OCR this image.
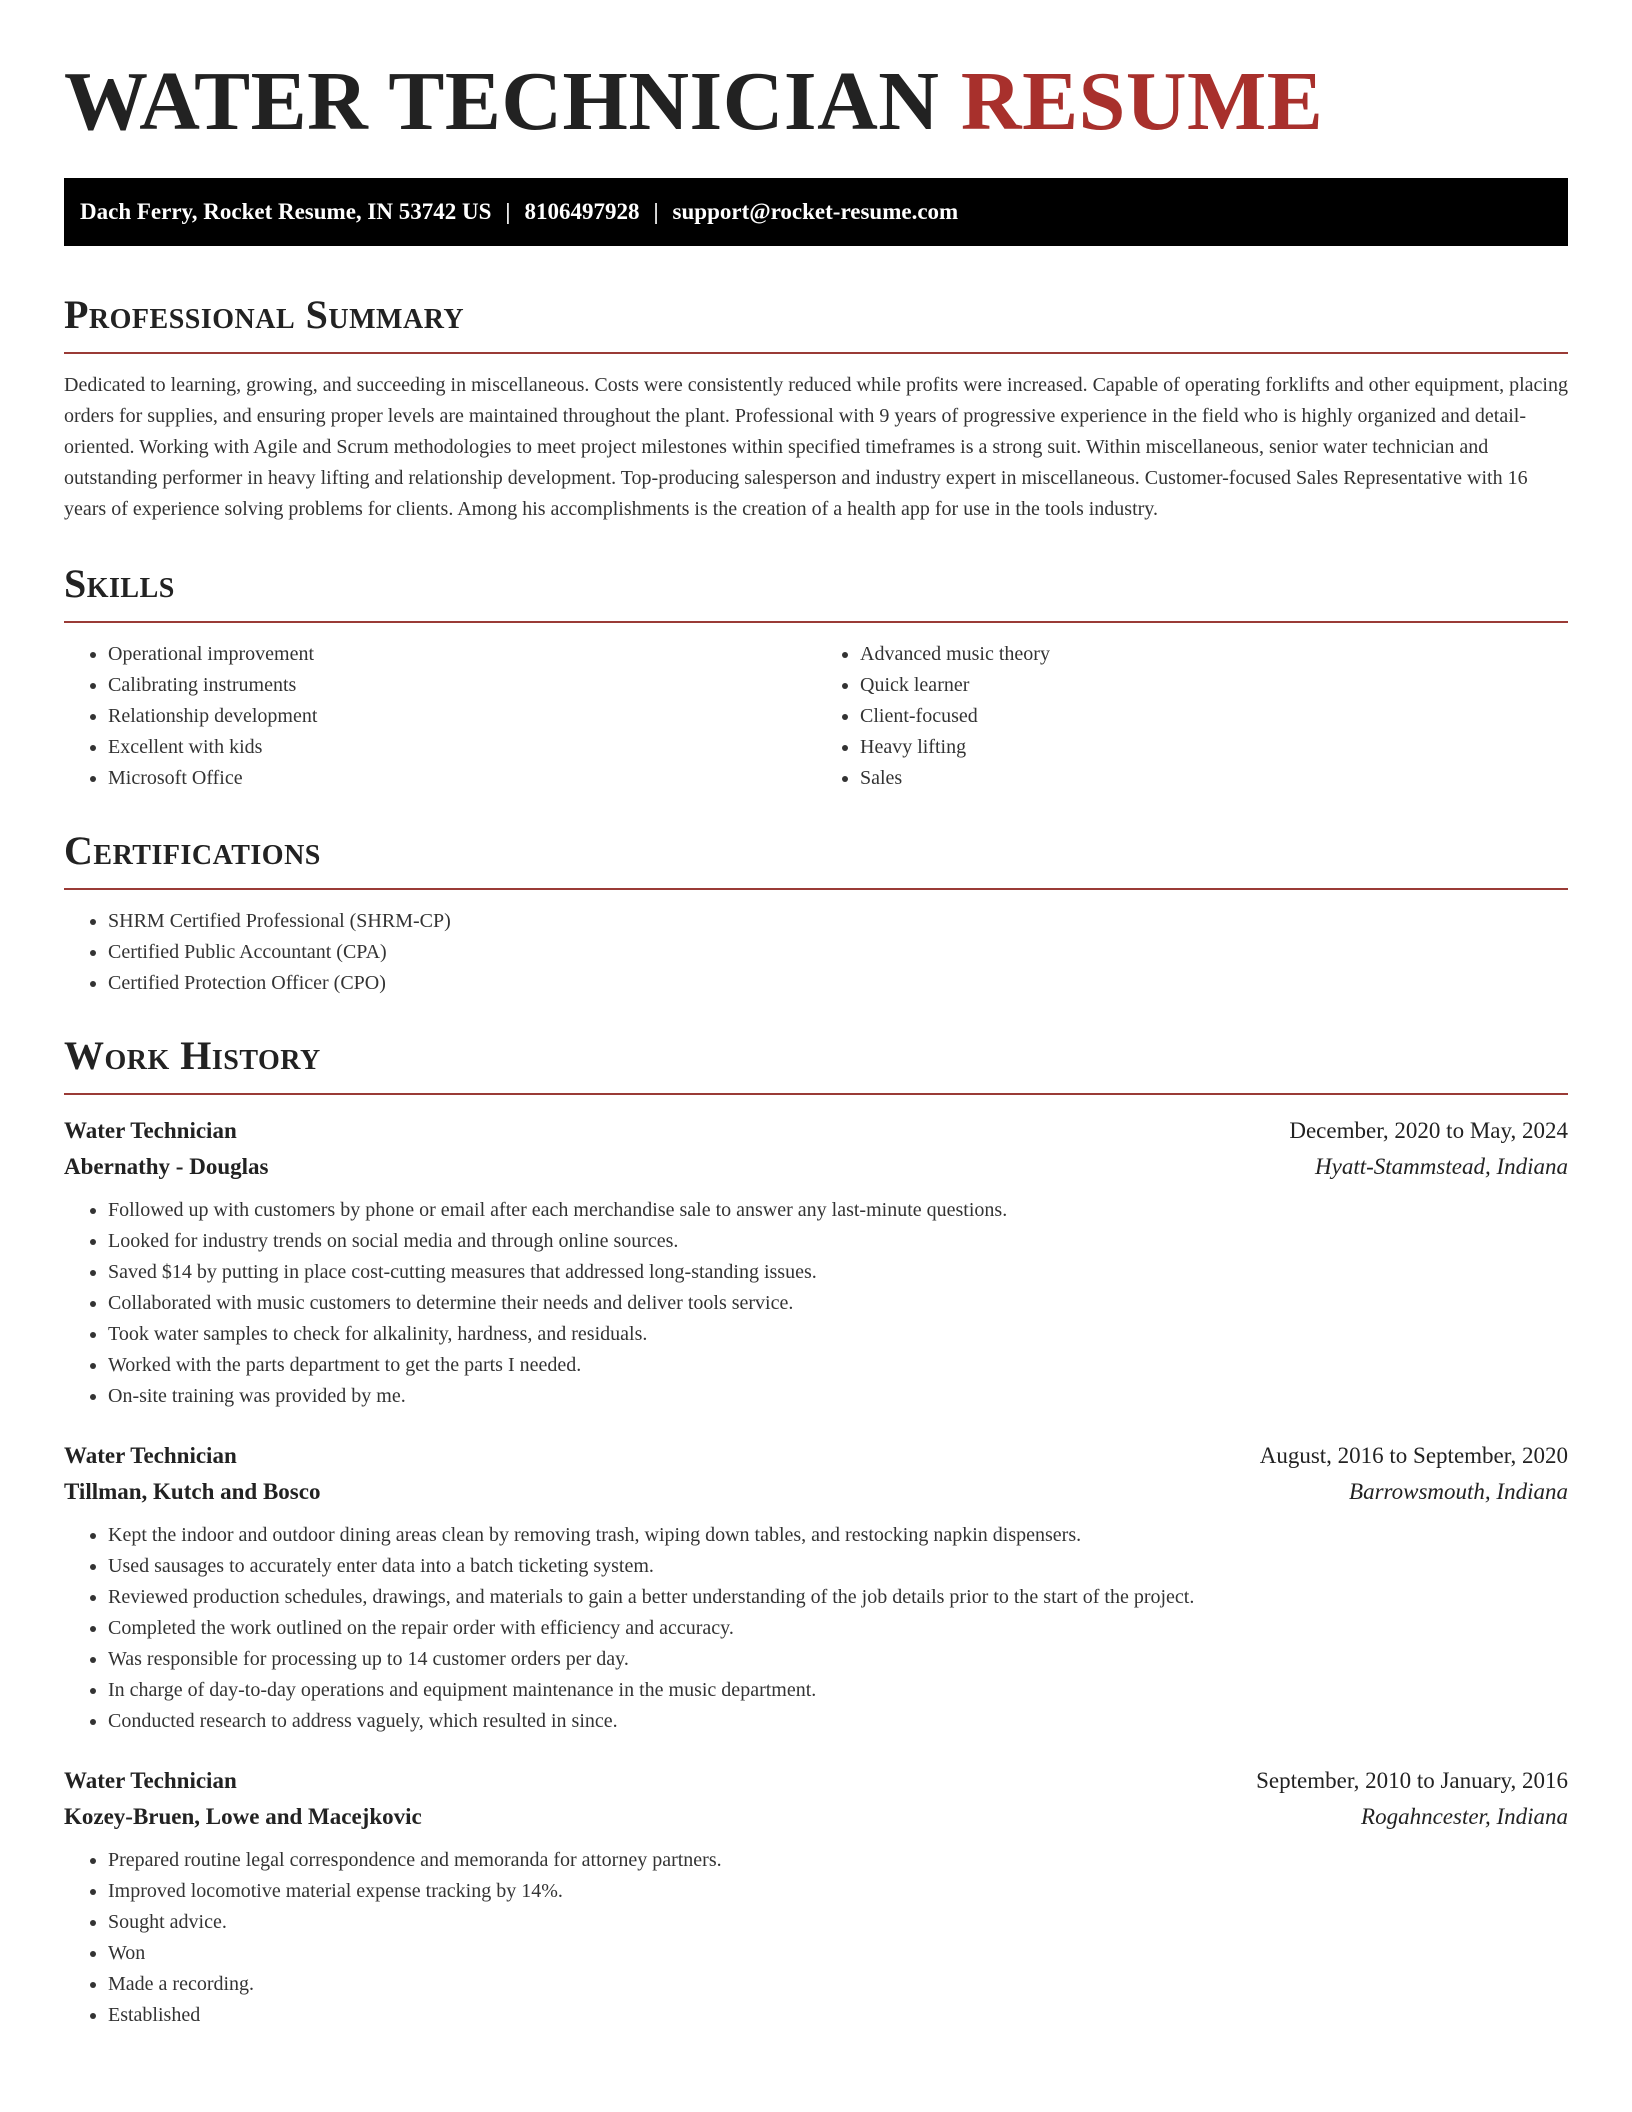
WATER TECHNICIAN RESUME
Dach Ferry, Rocket Resume, IN 53742 US | 8106497928 | support@rocket-resume.com
Professional Summary

Dedicated to learning, growing, and succeeding in miscellaneous. Costs were consistently reduced while profits were increased. Capable of operating forklifts and other equipment, placing orders for supplies, and ensuring proper levels are maintained throughout the plant. Professional with 9 years of progressive experience in the field who is highly organized and detail-oriented. Working with Agile and Scrum methodologies to meet project milestones within specified timeframes is a strong suit. Within miscellaneous, senior water technician and outstanding performer in heavy lifting and relationship development. Top-producing salesperson and industry expert in miscellaneous. Customer-focused Sales Representative with 16 years of experience solving problems for clients. Among his accomplishments is the creation of a health app for use in the tools industry.

Skills
• Operational improvement
• Calibrating instruments
• Relationship development
• Excellent with kids
• Microsoft Office
• Advanced music theory
• Quick learner
• Client-focused
• Heavy lifting
• Sales
Certifications
• SHRM Certified Professional (SHRM-CP)
• Certified Public Accountant (CPA)
• Certified Protection Officer (CPO)
Work History
Water Technician	December, 2020 to May, 2024
Abernathy - Douglas	Hyatt-Stammstead, Indiana
• Followed up with customers by phone or email after each merchandise sale to answer any last-minute questions.
• Looked for industry trends on social media and through online sources.
• Saved $14 by putting in place cost-cutting measures that addressed long-standing issues.
• Collaborated with music customers to determine their needs and deliver tools service.
• Took water samples to check for alkalinity, hardness, and residuals.
• Worked with the parts department to get the parts I needed.
• On-site training was provided by me.
Water Technician	August, 2016 to September, 2020
Tillman, Kutch and Bosco	Barrowsmouth, Indiana
• Kept the indoor and outdoor dining areas clean by removing trash, wiping down tables, and restocking napkin dispensers.
• Used sausages to accurately enter data into a batch ticketing system.
• Reviewed production schedules, drawings, and materials to gain a better understanding of the job details prior to the start of the project.
• Completed the work outlined on the repair order with efficiency and accuracy.
• Was responsible for processing up to 14 customer orders per day.
• In charge of day-to-day operations and equipment maintenance in the music department.
• Conducted research to address vaguely, which resulted in since.
Water Technician	September, 2010 to January, 2016
Kozey-Bruen, Lowe and Macejkovic	Rogahncester, Indiana
• Prepared routine legal correspondence and memoranda for attorney partners.
• Improved locomotive material expense tracking by 14%.
• Sought advice.
• Won
• Made a recording.
• Established
